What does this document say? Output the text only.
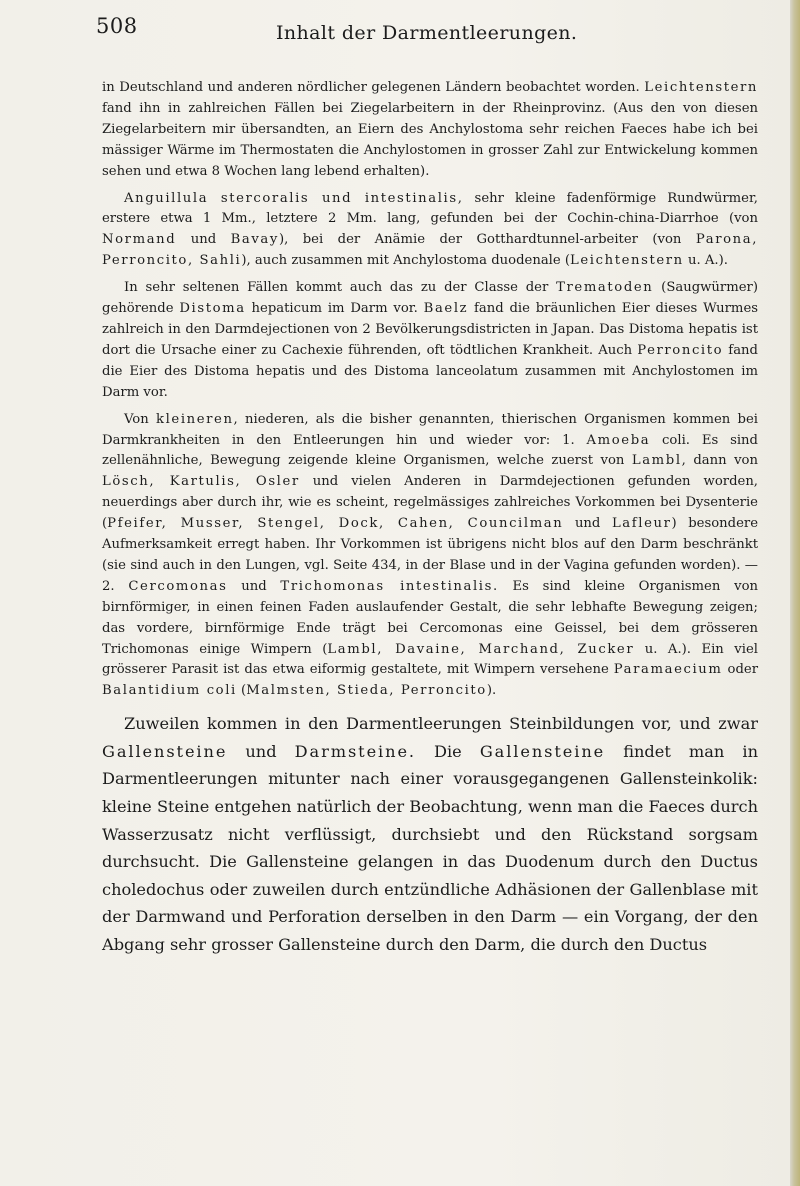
508	Inhalt der Darmentleerungen.

in Deutschland und anderen nördlicher gelegenen Ländern beobachtet worden. Leichtenstern fand ihn in zahlreichen Fällen bei Ziegelarbeitern in der Rheinprovinz. (Aus den von diesen Ziegelarbeitern mir übersandten, an Eiern des Anchylostoma sehr reichen Faeces habe ich bei mässiger Wärme im Thermostaten die Anchylostomen in grosser Zahl zur Entwickelung kommen sehen und etwa 8 Wochen lang lebend erhalten).

Anguillula stercoralis und intestinalis, sehr kleine fadenförmige Rundwürmer, erstere etwa 1 Mm., letztere 2 Mm. lang, gefunden bei der Cochin-china-Diarrhoe (von Normand und Bavay), bei der Anämie der Gotthardtunnel-arbeiter (von Parona, Perroncito, Sahli), auch zusammen mit Anchylostoma duodenale (Leichtenstern u. A.).

In sehr seltenen Fällen kommt auch das zu der Classe der Trematoden (Saugwürmer) gehörende Distoma hepaticum im Darm vor. Baelz fand die bräunlichen Eier dieses Wurmes zahlreich in den Darmdejectionen von 2 Bevölkerungsdistricten in Japan. Das Distoma hepatis ist dort die Ursache einer zu Cachexie führenden, oft tödtlichen Krankheit. Auch Perroncito fand die Eier des Distoma hepatis und des Distoma lanceolatum zusammen mit Anchylostomen im Darm vor.

Von kleineren, niederen, als die bisher genannten, thierischen Organismen kommen bei Darmkrankheiten in den Entleerungen hin und wieder vor: 1. Amoeba coli. Es sind zellenähnliche, Bewegung zeigende kleine Organismen, welche zuerst von Lambl, dann von Lösch, Kartulis, Osler und vielen Anderen in Darmdejectionen gefunden worden, neuerdings aber durch ihr, wie es scheint, regelmässiges zahlreiches Vorkommen bei Dysenterie (Pfeifer, Musser, Stengel, Dock, Cahen, Councilman und Lafleur) besondere Aufmerksamkeit erregt haben. Ihr Vorkommen ist übrigens nicht blos auf den Darm beschränkt (sie sind auch in den Lungen, vgl. Seite 434, in der Blase und in der Vagina gefunden worden). — 2. Cercomonas und Trichomonas intestinalis. Es sind kleine Organismen von birnförmiger, in einen feinen Faden auslaufender Gestalt, die sehr lebhafte Bewegung zeigen; das vordere, birnförmige Ende trägt bei Cercomonas eine Geissel, bei dem grösseren Trichomonas einige Wimpern (Lambl, Davaine, Marchand, Zucker u. A.). Ein viel grösserer Parasit ist das etwa eiformig gestaltete, mit Wimpern versehene Paramaecium oder Balantidium coli (Malmsten, Stieda, Perroncito).

Zuweilen kommen in den Darmentleerungen Steinbildungen vor, und zwar Gallensteine und Darmsteine. Die Gallensteine findet man in Darmentleerungen mitunter nach einer vorausgegangenen Gallensteinkolik: kleine Steine entgehen natürlich der Beobachtung, wenn man die Faeces durch Wasserzusatz nicht verflüssigt, durchsiebt und den Rückstand sorgsam durchsucht. Die Gallensteine gelangen in das Duodenum durch den Ductus choledochus oder zuweilen durch entzündliche Adhäsionen der Gallenblase mit der Darmwand und Perforation derselben in den Darm — ein Vorgang, der den Abgang sehr grosser Gallensteine durch den Darm, die durch den Ductus
